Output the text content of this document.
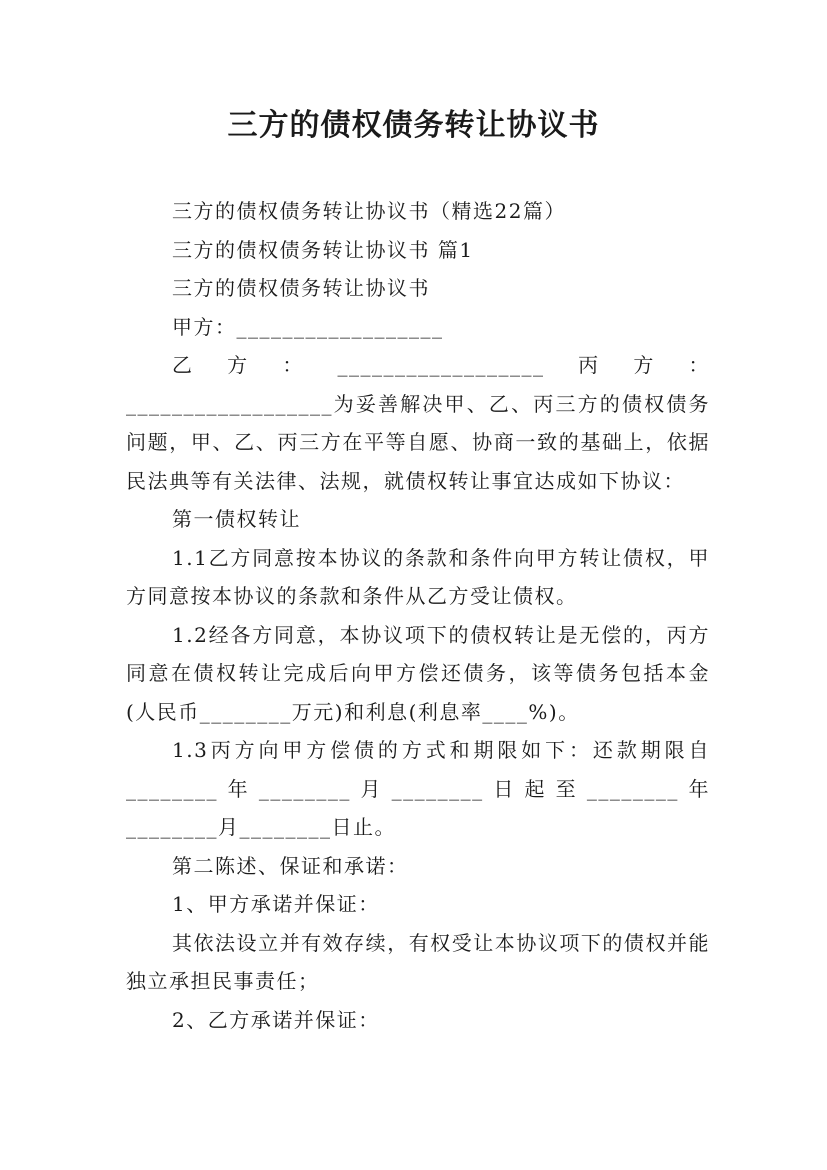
三方的债权债务转让协议书

三方的债权债务转让协议书（精选22篇）

三方的债权债务转让协议书 篇1

三方的债权债务转让协议书

甲方：__________________

乙方：__________________丙方：__________________为妥善解决甲、乙、丙三方的债权债务问题，甲、乙、丙三方在平等自愿、协商一致的基础上，依据民法典等有关法律、法规，就债权转让事宜达成如下协议：

第一债权转让

1.1乙方同意按本协议的条款和条件向甲方转让债权，甲方同意按本协议的条款和条件从乙方受让债权。

1.2经各方同意，本协议项下的债权转让是无偿的，丙方同意在债权转让完成后向甲方偿还债务，该等债务包括本金(人民币________万元)和利息(利息率____%)。

1.3丙方向甲方偿债的方式和期限如下：还款期限自________年________月________日起至________年________月________日止。

第二陈述、保证和承诺：

1、甲方承诺并保证：

其依法设立并有效存续，有权受让本协议项下的债权并能独立承担民事责任；

2、乙方承诺并保证：
